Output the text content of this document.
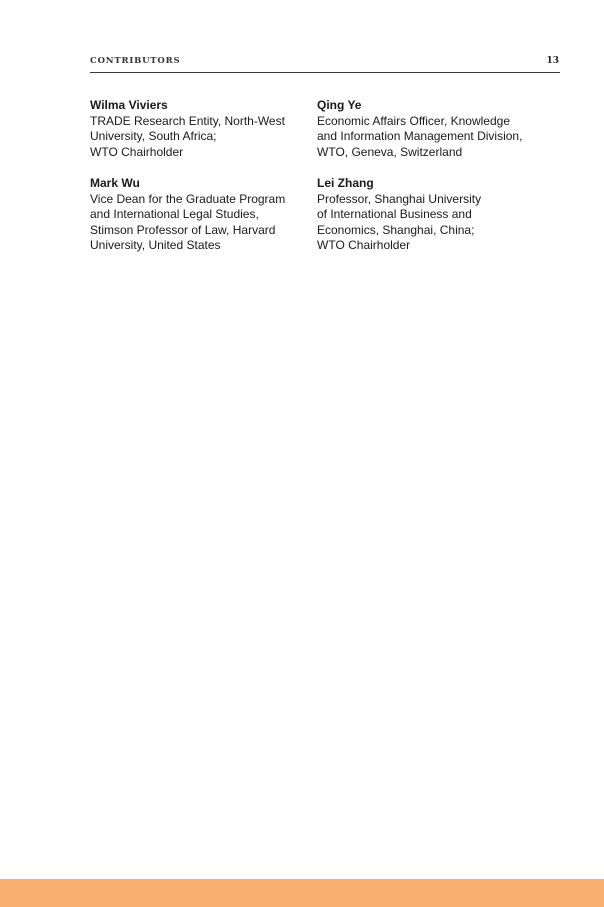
CONTRIBUTORS	13
Wilma Viviers
TRADE Research Entity, North-West
University, South Africa;
WTO Chairholder
Qing Ye
Economic Affairs Officer, Knowledge
and Information Management Division,
WTO, Geneva, Switzerland
Mark Wu
Vice Dean for the Graduate Program
and International Legal Studies,
Stimson Professor of Law, Harvard
University, United States
Lei Zhang
Professor, Shanghai University
of International Business and
Economics, Shanghai, China;
WTO Chairholder
